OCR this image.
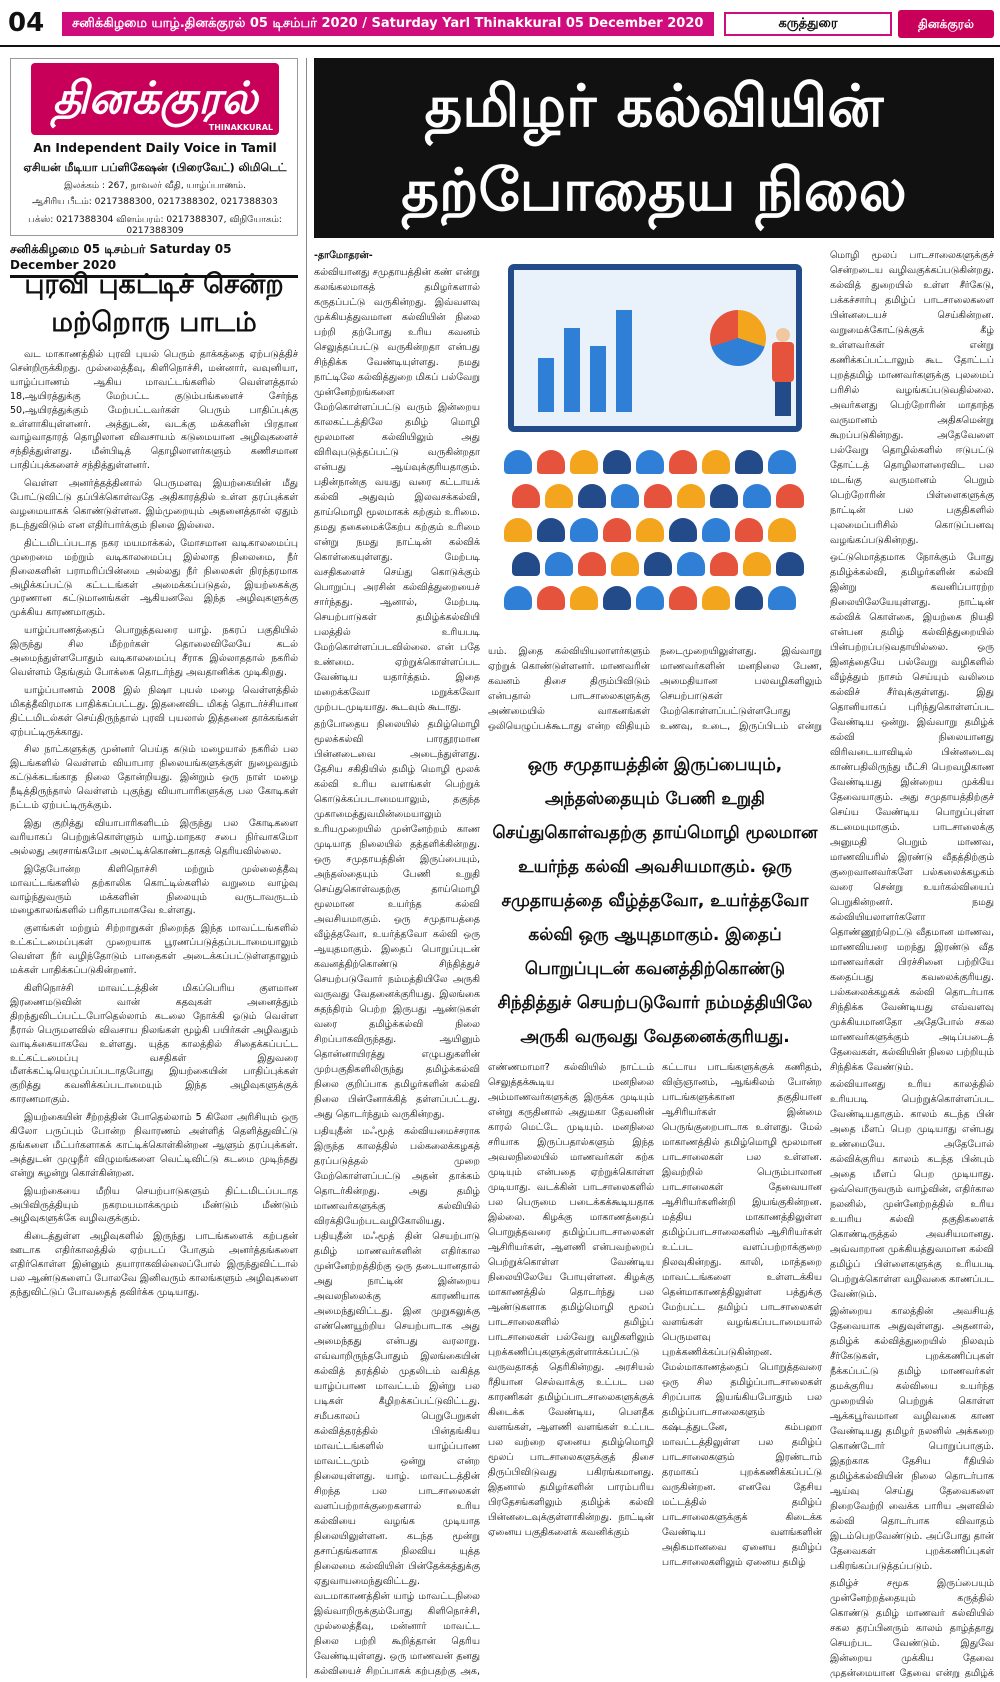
04	சனிக்கிழமை யாழ்.தினக்குரல் 05 டிசம்பர் 2020 / Saturday Yarl Thinakkural 05 December 2020	கருத்துரை	தினக்குரல்
தினக்குரல்
THINAKKURAL
An Independent Daily Voice in Tamil
ஏசியன் மீடியா பப்ளிகேஷன் (பிரைவேட்) லிமிடெட்
இலக்கம் : 267, நாவலர் வீதி, யாழ்ப்பாணம்.
ஆசிரிய பீடம்: 0217388300, 0217388302, 0217388303
பக்ஸ்: 0217388304 விளம்பரம்: 0217388307, விநியோகம்: 0217388309
சனிக்கிழமை 05 டிசம்பர் Saturday 05 December 2020
புரவி புகட்டிச் சென்ற மற்றொரு பாடம்

வட மாகாணத்தில் புரவி புயல் பெரும் தாக்கத்தை ஏற்படுத்திச் சென்றிருக்கிறது. முல்லைத்தீவு, கிளிநொச்சி, மன்னார், வவுனியா, யாழ்ப்பாணம் ஆகிய மாவட்டங்களில் வெள்ளத்தால் 18,ஆயிரத்துக்கு மேற்பட்ட குடும்பங்களைச் சேர்ந்த 50,ஆயிரத்துக்கும் மேற்பட்டவர்கள் பெரும் பாதிப்புக்கு உள்ளாகியுள்ளனர். அத்துடன், வடக்கு மக்களின் பிரதான வாழ்வாதாரத் தொழிலான விவசாயம் கடுமையான அழிவுகளைச் சந்தித்துள்ளது. மீன்பிடித் தொழிலாளர்களும் கணிசமான பாதிப்புக்களைச் சந்தித்துள்ளனர்.

வெள்ள அனர்த்தத்தினால் பெருமளவு இயற்கையின் மீது போட்டுவிட்டு தப்பிக்கொள்வதே அதிகாரத்தில் உள்ள தரப்புக்கள் வழமையாகக் கொண்டுள்ளன. இம்முறையும் அதனைத்தான் ஏதும் நடந்துவிடும் என எதிர்பார்க்கும் நிலை இல்லை.

திட்டமிடப்படாத நகர மயமாக்கல், மோசமான வடிகாலமைப்பு முறைமை மற்றும் வடிகாலமைப்பு இல்லாத நிலைமை, நீர் நிலைகளின் பராமரிப்பின்மை அல்லது நீர் நிலைகள் நிரந்தரமாக அழிக்கப்பட்டு கட்டடங்கள் அமைக்கப்படுதல், இயற்கைக்கு முரணான கட்டுமானங்கள் ஆகியனவே இந்த அழிவுகளுக்கு முக்கிய காரணமாகும்.

யாழ்ப்பாணத்தைப் பொறுத்தவரை யாழ். நகரப் பகுதியில் இருந்து சில மீற்றர்கள் தொலைவிலேயே கடல் அமைந்துள்ளபோதும் வடிகாலமைப்பு சீராக இல்லாததால் நகரில் வெள்ளம் தேங்கும் போக்கை தொடர்ந்து அவதானிக்க முடிகிறது.

யாழ்ப்பாணம் 2008 இல் நிஷா புயல் மழை வெள்ளத்தில் மிகத்தீவிரமாக பாதிக்கப்பட்டது. இதனைவிட மிகத் தொடர்ச்சியான திட்டமிடல்கள் செய்திருந்தால் புரவி புயலால் இத்தனை தாக்கங்கள் ஏற்பட்டிருக்காது.

சில நாட்களுக்கு முன்னர் பெய்த கடும் மழையால் நகரில் பல இடங்களில் வெள்ளம் வியாபார நிலையங்களுக்குள் நுழைவதும் கட்டுக்கடங்காத நிலை தோன்றியது. இன்றும் ஒரு நாள் மழை நீடித்திருந்தால் வெள்ளம் புகுந்து வியாபாரிகளுக்கு பல கோடிகள் நட்டம் ஏற்பட்டிருக்கும்.

இது குறித்து வியாபாரிகளிடம் இருந்து பல கோடிகளை வரியாகப் பெற்றுக்கொள்ளும் யாழ்.மாநகர சபை நிர்வாகமோ அல்லது அரசாங்கமோ அலட்டிக்கொண்டதாகத் தெரியவில்லை.

இதேபோன்ற கிளிநொச்சி மற்றும் முல்லைத்தீவு மாவட்டங்களில் தற்காலிக கொட்டில்களில் வறுமை வாழ்வு வாழ்ந்துவரும் மக்களின் நிலையும் வருடாவருடம் மழைகாலங்களில் பரிதாபமாகவே உள்ளது.

குளங்கள் மற்றும் சிற்றாறுகள் நிறைந்த இந்த மாவட்டங்களில் உட்கட்டமைப்புகள் முறையாக பூரணப்படுத்தப்படாமையாலும் வெள்ள நீர் வழிந்தோடும் பாதைகள் அடைக்கப்பட்டுள்ளதாலும் மக்கள் பாதிக்கப்படுகின்றனர்.

கிளிநொச்சி மாவட்டத்தின் மிகப்பெரிய குளமான இரணைமடுவின் வான் கதவுகள் அனைத்தும் திறந்துவிடப்பட்டபோதெல்லாம் கடலை நோக்கி ஓடும் வெள்ள நீரால் பெருமளவில் விவசாய நிலங்கள் மூழ்கி பயிர்கள் அழிவதும் வாடிக்கையாகவே உள்ளது. யுத்த காலத்தில் சிதைக்கப்பட்ட உட்கட்டமைப்பு வசதிகள் இதுவரை மீளக்கட்டியெழுப்பப்படாதபோது இயற்கையின் பாதிப்புக்கள் குறித்து கவனிக்கப்படாமையும் இந்த அழிவுகளுக்குக் காரணமாகும்.

இயற்கையின் சீற்றத்தின் போதெல்லாம் 5 கிலோ அரிசியும் ஒரு கிலோ பருப்பும் போன்ற நிவாரணம் அள்ளித் தெளித்துவிட்டு தங்களை மீட்பர்களாகக் காட்டிக்கொள்கின்றன ஆளும் தரப்புக்கள். அத்துடன் முழுநீர் விழுமங்களை வெட்டிவிட்டு கடமை முடிந்தது என்று சுழன்று கொள்கின்றன.

இயற்கையை மீறிய செயற்பாடுகளும் திட்டமிடப்படாத அபிவிருத்தியும் நகரமயமாக்கமும் மீண்டும் மீண்டும் அழிவுகளுக்கே வழிவகுக்கும்.

கிடைத்துள்ள அழிவுகளில் இருந்து பாடங்களைக் கற்பதன் ஊடாக எதிர்காலத்தில் ஏற்படப் போகும் அனர்த்தங்களை எதிர்கொள்ள இன்னும் தயாராகவில்லைப்போல் இருந்துவிட்டால் பல ஆண்டுகளைப் போலவே இனிவரும் காலங்களும் அழிவுகளை தந்துவிட்டுப் போவதைத் தவிர்க்க முடியாது.

தமிழர் கல்வியின்
தற்போதைய நிலை

-தாமோதரன்-

கல்வியானது சமுதாயத்தின் கண் என்று கலங்கலமாகத் தமிழர்களால் கருதப்பட்டு வருகின்றது. இவ்வளவு முக்கியத்துவமான கல்வியின் நிலை பற்றி தற்போது உரிய கவனம் செலுத்தப்பட்டு வருகின்றதா என்பது சிந்திக்க வேண்டியுள்ளது. நமது நாட்டிலே கல்வித்துறை மிகப் பல்வேறு முன்னேற்றங்களை மேற்கொள்ளப்பட்டு வரும் இன்றைய காலகட்டத்திலே தமிழ் மொழி மூலமான கல்வியிலும் அது விரிவுபடுத்தப்பட்டு வருகின்றதா என்பது ஆய்வுக்குரியதாகும். பதின்நான்கு வயது வரை கட்டாயக் கல்வி அதுவும் இலவசக்கல்வி, தாய்மொழி மூலமாகக் கற்கும் உரிமை. தமது தகைமைக்கேற்ப கற்கும் உரிமை என்று நமது நாட்டின் கல்விக் கொள்கையுள்ளது. மேற்படி வசதிகளைச் செய்து கொடுக்கும் பொறுப்பு அரசின் கல்வித்துறையைச் சார்ந்தது. ஆனால், மேற்படி செயற்பாடுகள் தமிழ்க்கல்வியி பலத்தில் உரியபடி மேற்கொள்ளப்படவில்லை. என் பதே உண்மை. ஏற்றுக்கொள்ளப்பட வேண்டிய யதார்த்தம். இதை மறைக்கவோ மறுக்கவோ முற்படமுடியாது. கூடவும் கூடாது.

தற்போதைய நிலையில் தமிழ்மொழி மூலக்கல்வி பாரதூரமான பின்னடைவை அடைந்துள்ளது. தேசிய சகிதியில் தமிழ் மொழி மூலக் கல்வி உரிய வளங்கள் பெற்றுக் கொடுக்கப்படாமையாலும், தகுந்த முகாமைத்துவமின்மையாலும் உரியமுறையில் முன்னேற்றம் காண முடியாத நிலையில் தத்தளிக்கின்றது. ஒரு சமுதாயத்தின் இருப்பையும், அந்தஸ்தையும் பேணி உறுதி செய்துகொள்வதற்கு தாய்மொழி மூலமான உயர்ந்த கல்வி அவசியமாகும். ஒரு சமுதாயத்தை வீழ்த்தவோ, உயர்த்தவோ கல்வி ஒரு ஆயுதமாகும். இதைப் பொறுப்புடன் கவனத்திற்கொண்டு சிந்தித்துச் செயற்படுவோர் நம்மத்தியிலே அருகி வருவது வேதனைக்குரியது. இலங்கை சுதந்திரம் பெற்ற இருபது ஆண்டுகள் வரை தமிழ்க்கல்வி நிலை சிறப்பாகவிருந்தது. ஆயினும் தொன்னாயிரத்து எழுபதுகளின் முற்பகுதிகளிலிருந்து தமிழ்க்கல்வி நிலை குறிப்பாக தமிழர்களின் கல்வி நிலை பின்னோக்கித் தள்ளப்பட்டது. அது தொடர்ந்தும் வருகின்றது.

பதியுதீன் மஃமூத் கல்வியமைச்சராக இருந்த காலத்தில் பல்கலைக்கழகத் தரப்படுத்தல் முறை மேற்கொள்ளப்பட்டு அதன் தாக்கம் தொடர்கின்றது. அது தமிழ் மாணவர்களுக்கு கல்வியில் விரக்தியேற்படவழிகோலியது. பதியுதீன் மஃமூத் தின் செயற்பாடு தமிழ் மாணவர்களின் எதிர்கால முன்னேற்றத்திற்கு ஒரு தடையானதால் அது நாட்டின் இன்றைய அவலநிலைக்கு காரணியாக அமைந்துவிட்டது. இன முறுகலுக்கு எண்ணெயூற்றிய செயற்பாடாக அது அமைந்தது என்பது வரலாறு. எவ்வாறிருந்தபோதும் இலங்கையின் கல்வித் தரத்தில் முதலிடம் வகித்த யாழ்ப்பாண மாவட்டம் இன்று பல படிகள் கீழிறக்கப்பட்டுவிட்டது. சமீபகாலப் பெறுபேறுகள் கல்வித்தரத்தில் பின்தங்கிய மாவட்டங்களில் யாழ்ப்பாண மாவட்டமும் ஒன்று என்ற நிலையுள்ளது. யாழ். மாவட்டத்தின் சிறந்த பல பாடசாலைகள் வளப்பற்றாக்குறைகளால் உரிய கல்வியை வழங்க முடியாத நிலையிலுள்ளன. கடந்த மூன்று தசாப்தங்களாக நிலவிய யுத்த நிலைமை கல்வியின் பின்தேக்கத்துக்கு ஏதுவாயமைந்துவிட்டது. வடமாகாணத்தின் யாழ் மாவட்டநிலை இவ்வாறிருக்கும்போது கிளிநொச்சி, முல்லைத்தீவு, மன்னார் மாவட்ட நிலை பற்றி கூறித்தான் தெரிய வேண்டியுள்ளது. ஒரு மாணவன் தனது கல்வியைச் சிறப்பாகக் கற்பதற்கு அக,

யம். இதை கல்வியியலாளர்களும் ஏற்றுக் கொண்டுள்ளனர். மாணவரின் கவனம் திசை திரும்பிவிடும் என்பதால் பாடசாலைகளுக்கு அண்மையில் வாகனங்கள் ஒலியெழுப்பக்கூடாது என்ற விதியும் நடைமுறையிலுள்ளது. இவ்வாறு மாணவர்களின் மனநிலை பேண, அமைதியான பலவழிகளிலும் செயற்பாடுகள் மேற்கொள்ளப்பட்டுள்ளபோது உணவு, உடை, இருப்பிடம் என்று
ஒரு சமுதாயத்தின் இருப்பையும், அந்தஸ்தையும் பேணி உறுதி செய்துகொள்வதற்கு தாய்மொழி மூலமான உயர்ந்த கல்வி அவசியமாகும். ஒரு சமுதாயத்தை வீழ்த்தவோ, உயர்த்தவோ கல்வி ஒரு ஆயுதமாகும். இதைப் பொறுப்புடன் கவனத்திற்கொண்டு சிந்தித்துச் செயற்படுவோர் நம்மத்தியிலே அருகி வருவது வேதனைக்குரியது.
எண்ணமாமா? கல்வியில் நாட்டம் செலுத்தக்கூடிய மனநிலை அம்மாணவர்களுக்கு இருக்க முடியும் என்று கருதினால் அதுமகா தேவனின் காரல் மெட்டே முடியும். மனநிலை சரியாக இருப்பதால்களும் இந்த அவலநிலையில் மாணவர்கள் கற்க முடியும் என்பதை ஏற்றுக்கொள்ள முடியாது. வடக்கின் பாடசாலைகளில் பல பெருமை படைக்கக்கூடியதாக இல்லை. கிழக்கு மாகாணத்தைப் பொறுத்தவரை தமிழ்ப்பாடசாலைகள் ஆசிரியர்கள், ஆளணி என்பவற்றைப் பெற்றுக்கொள்ள வேண்டிய நிலையிலேயே போயுள்ளன. கிழக்கு மாகாணத்தில் தொடர்ந்து பல ஆண்டுகளாக தமிழ்மொழி மூலப் பாடசாலைகளில் தமிழ்ப் பாடசாலைகள் பல்வேறு வழிகளிலும் புறக்கணிப்புகளுக்குள்ளாக்கப்பட்டு வருவதாகத் தெரிகின்றது. அரசியல் ரீதியான செல்வாக்கு உட்பட பல காரணிகள் தமிழ்ப்பாடசாலைகளுக்குக் கிடைக்க வேண்டிய, பௌதீக வளங்கள், ஆளணி வளங்கள் உட்பட பல வற்றை ஏனைய தமிழ்மொழி மூலப் பாடசாலைகளுக்குத் திசை திருப்பிவிடுவது பகிரங்கமானது. இதனால் தமிழர்களின் பாரம்பரிய பிரதேசங்களிலும் தமிழ்க் கல்வி பின்னடைவுக்குள்ளாகின்றது. நாட்டின் ஏனைய பகுதிகளைக் கவனிக்கும்
கட்டாய பாடங்களுக்குக் கணிதம், விஞ்ஞானம், ஆங்கிலம் போன்ற பாடங்களுக்கான தகுதியான ஆசிரியர்கள் இன்மை பெருங்குறைபாடாக உள்ளது. மேல் மாகாணத்தில் தமிழ்மொழி மூலமான பாடசாலைகள் பல உள்ளன. இவற்றில் பெரும்பாலான பாடசாலைகள் தேவையான ஆசிரியர்களின்றி இயங்குகின்றன. மத்திய மாகாணத்திலுள்ள தமிழ்ப்பாடசாலைகளில் ஆசிரியர்கள் உட்பட வளப்பற்றாக்குறை நிலவுகின்றது. காலி, மாத்தறை மாவட்டங்களை உள்ளடக்கிய தென்மாகாணத்திலுள்ள பத்துக்கு மேற்பட்ட தமிழ்ப் பாடசாலைகள் வளங்கள் வழங்கப்படாமையால் பெருமளவு புறக்கணிக்கப்படுகின்றன. மேல்மாகாணத்தைப் பொறுத்தவரை ஒரு சில தமிழ்ப்பாடசாலைகள் சிறப்பாக இயங்கியபோதும் பல தமிழ்ப்பாடசாலைகளும் கஷ்டத்துடனே, கம்பஹா மாவட்டத்திலுள்ள பல தமிழ்ப் பாடசாலைகளும் இரண்டாம் தரமாகப் புறக்கணிக்கப்பட்டு வருகின்றன. எனவே தேசிய மட்டத்தில் தமிழ்ப் பாடசாலைகளுக்குக் கிடைக்க வேண்டிய வளங்களின் அதிகமானவை ஏனைய தமிழ்ப் பாடசாலைகளிலும் ஏனைய தமிழ்

மொழி மூலப் பாடசாலைகளுக்குச் சென்றடைய வழிவகுக்கப்படுகின்றது. கல்வித் துறையில் உள்ள சீர்கேடு, பக்கச்சார்பு தமிழ்ப் பாடசாலைகளை பின்னடையச் செய்கின்றன. வறுமைக்கோட்டுக்குக் கீழ் உள்ளவர்கள் என்று கணிக்கப்பட்டாலும் கூட தோட்டப் புறத்தமிழ் மாணவர்களுக்கு புலமைப் பரிசில் வழங்கப்படுவதில்லை. அவர்களது பெற்றோரின் மாதாந்த வருமானம் அதிகமென்று கூறப்படுகின்றது. அதேவேளை பல்வேறு தொழில்களில் ஈடுபட்டு தோட்டத் தொழிலாளரைவிட பல மடங்கு வருமானம் பெறும் பெற்றோரின் பிள்ளைகளுக்கு நாட்டின் பல பகுதிகளில் புலமைப்பரிசில் கொடுப்பனவு வழங்கப்படுகின்றது.

ஒட்டுமொத்தமாக நோக்கும் போது தமிழ்க்கல்வி, தமிழர்களின் கல்வி இன்று கவனிப்பாரற்ற நிலையிலேயேயுள்ளது. நாட்டின் கல்விக் கொள்கை, இயற்கை நியதி என்பன தமிழ் கல்வித்துறையில் பின்பற்றப்படுவதாயில்லை. ஒரு இனத்தையே பல்வேறு வழிகளில் வீழ்த்தும் நாசம் செய்யும் வலிமை கல்விச் சீர்வுக்குள்ளது. இது தொனியாகப் புரிந்துகொள்ளப்பட வேண்டிய ஒன்று. இவ்வாறு தமிழ்க் கல்வி நிலையானது விரிவடையாவிடில் பின்னடைவு காண்பதிலிருந்து மீட்சி பெறவழிகாண வேண்டியது இன்றைய முக்கிய தேவையாகும். அது சமுதாயத்திற்குச் செய்ய வேண்டிய பொறுப்புள்ள கடமையுமாகும். பாடசாலைக்கு அனுமதி பெறும் மாணவ, மாணவியரில் இரண்டு வீதத்திற்கும் குறைவானவர்களே பல்கலைக்கழகம் வரை சென்று உயர்கல்வியைப் பெறுகின்றனர். நமது கல்வியியலாளர்களோ தொண்ணூற்றெட்டு வீதமான மாணவ, மாணவியரை மறந்து இரண்டு வீத மாணவர்கள் பிரச்சினை பற்றியே கதைப்பது கவலைக்குரியது. பல்கலைக்கழகக் கல்வி தொடர்பாக சிந்திக்க வேண்டியது எவ்வளவு முக்கியமானதோ அதேபோல் சகல மாணவர்களுக்கும் அடிப்படைத் தேவைகள், கல்வியின் நிலை பற்றியும் சிந்திக்க வேண்டும்.

கல்வியானது உரிய காலத்தில் உரியபடி பெற்றுக்கொள்ளப்பட வேண்டியதாகும். காலம் கடந்த பின் அதை மீளப் பெற முடியாது என்பது உண்மையே. அதேபோல் கல்விக்குரிய காலம் கடந்த பின்பும் அதை மீளப் பெற முடியாது. ஒவ்வொருவரும் வாழ்வின், எதிர்கால நலனில், முன்னேற்றத்தில் உரிய உயரிய கல்வி தகுதிகளைக் கொண்டிருத்தல் அவசியமானது. அவ்வாறான முக்கியத்துவமான கல்வி தமிழ்ப் பிள்ளைகளுக்கு உரியபடி பெற்றுக்கொள்ள வழிவகை காணப்பட வேண்டும்.

இன்றைய காலத்தின் அவசியத் தேவையாக அதுவுள்ளது. அதனால், தமிழ்க் கல்வித்துறையில் நிலவும் சீர்கேடுகள், புறக்கணிப்புகள் நீக்கப்பட்டு தமிழ் மாணவர்கள் தமக்குரிய கல்வியை உயர்ந்த முறையில் பெற்றுக் கொள்ள ஆக்கபூர்வமான வழிவகை காண வேண்டியது தமிழர் நலனில் அக்கறை கொண்டோர் பொறுப்பாகும். இதற்காக தேசிய ரீதியில் தமிழ்க்கல்வியின் நிலை தொடர்பாக ஆய்வு செய்து தேவைகளை நிறைவேற்றி வைக்க பாரிய அளவில் கல்வி தொடர்பாக விவாதம் இடம்பெறவேண்டும். அப்போது தான் தேவைகள் புறக்கணிப்புகள் பகிரங்கப்படுத்தப்படும்.

தமிழ்ச் சமூக இருப்பையும் முன்னேற்றத்தையும் கருத்தில் கொண்டு தமிழ் மாணவர் கல்வியில் சகல தரப்பினரும் காலம் தாழ்த்தாது செயற்பட வேண்டும். இதுவே இன்றைய முக்கிய தேவை முதன்மையான தேவை என்று தமிழ்க்
